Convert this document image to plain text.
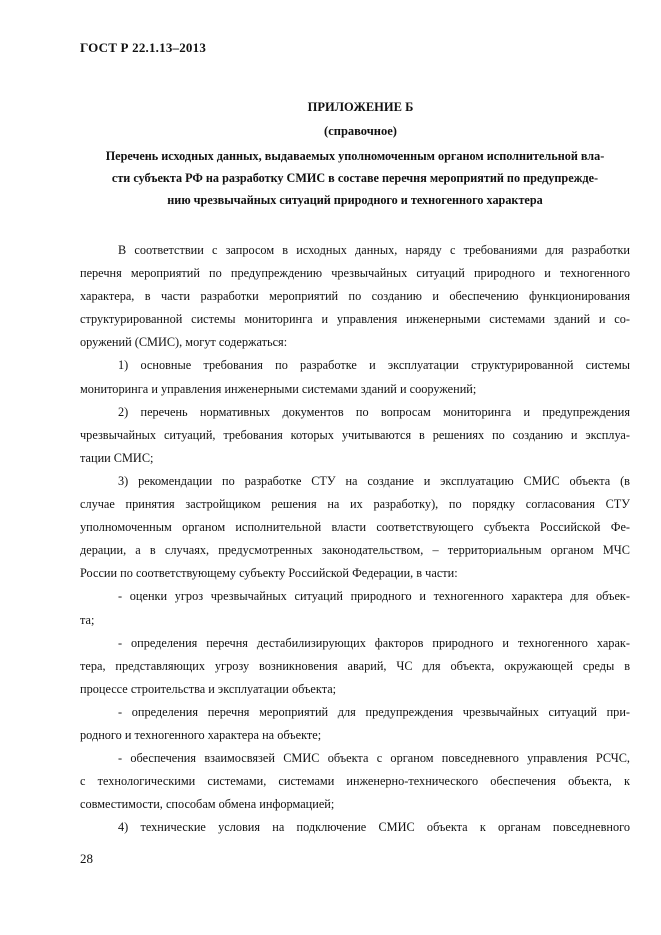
ГОСТ Р 22.1.13–2013
ПРИЛОЖЕНИЕ Б
(справочное)
Перечень исходных данных, выдаваемых уполномоченным органом исполнительной вла-
сти субъекта РФ на разработку СМИС в составе перечня мероприятий по предупрежде-
нию чрезвычайных ситуаций природного и техногенного характера
В соответствии с запросом в исходных данных, наряду с требованиями для разработки
перечня мероприятий по предупреждению чрезвычайных ситуаций природного и техногенного
характера, в части разработки мероприятий по созданию и обеспечению функционирования
структурированной системы мониторинга и управления инженерными системами зданий и со-
оружений (СМИС), могут содержаться:
1) основные требования по разработке и эксплуатации структурированной системы
мониторинга и управления инженерными системами зданий и сооружений;
2) перечень нормативных документов по вопросам мониторинга и предупреждения
чрезвычайных ситуаций, требования которых учитываются в решениях по созданию и эксплуа-
тации СМИС;
3) рекомендации по разработке СТУ на создание и эксплуатацию СМИС объекта (в
случае принятия застройщиком решения на их разработку), по порядку согласования СТУ
уполномоченным органом исполнительной власти соответствующего субъекта Российской Фе-
дерации, а в случаях, предусмотренных законодательством, – территориальным органом МЧС
России по соответствующему субъекту Российской Федерации, в части:
- оценки угроз чрезвычайных ситуаций природного и техногенного характера для объек-
та;
- определения перечня дестабилизирующих факторов природного и техногенного харак-
тера, представляющих угрозу возникновения аварий, ЧС для объекта, окружающей среды в
процессе строительства и эксплуатации объекта;
- определения перечня мероприятий для предупреждения чрезвычайных ситуаций при-
родного и техногенного характера на объекте;
- обеспечения взаимосвязей СМИС объекта с органом повседневного управления РСЧС,
с технологическими системами, системами инженерно-технического обеспечения объекта, к
совместимости, способам обмена информацией;
4) технические условия на подключение СМИС объекта к органам повседневного
28
